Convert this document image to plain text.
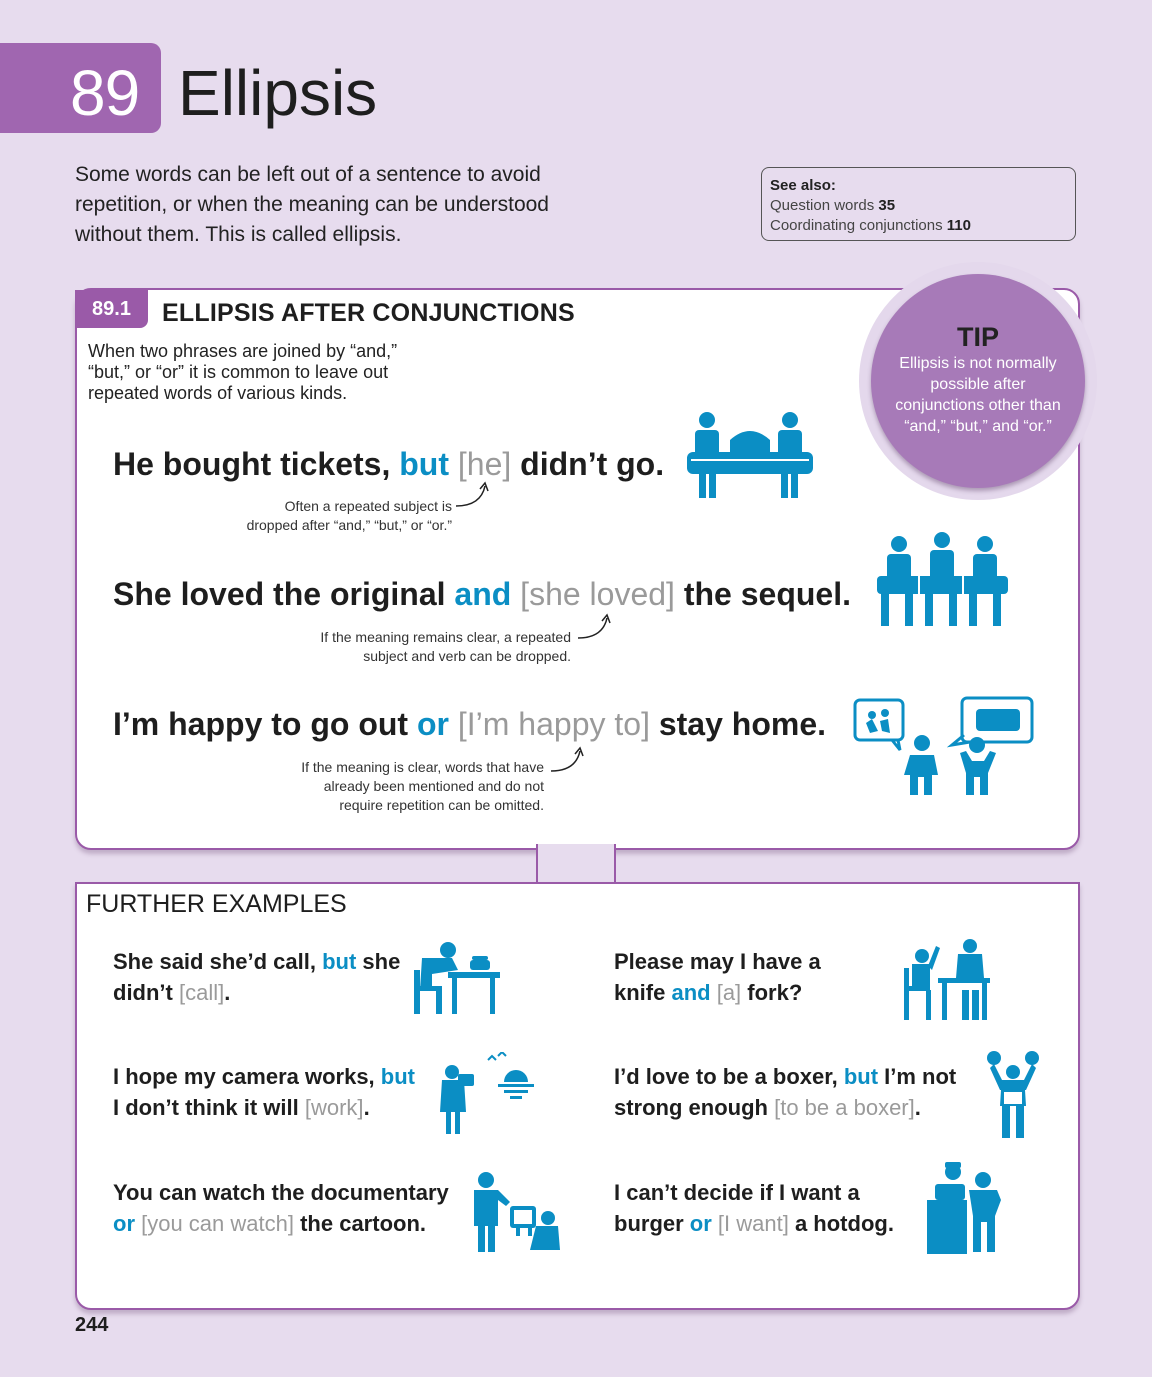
89 Ellipsis
Some words can be left out of a sentence to avoid repetition, or when the meaning can be understood without them. This is called ellipsis.
See also:
Question words 35
Coordinating conjunctions 110
89.1	ELLIPSIS AFTER CONJUNCTIONS
When two phrases are joined by “and,” “but,” or “or” it is common to leave out repeated words of various kinds.
TIP
Ellipsis is not normally possible after conjunctions other than “and,” “but,” and “or.”
He bought tickets, but [he] didn’t go.
Often a repeated subject is
dropped after “and,” “but,” or “or.”
She loved the original and [she loved] the sequel.
If the meaning remains clear, a repeated
subject and verb can be dropped.
I’m happy to go out or [I’m happy to] stay home.
If the meaning is clear, words that have
already been mentioned and do not
require repetition can be omitted.
FURTHER EXAMPLES
She said she’d call, but she
didn’t [call].
Please may I have a
knife and [a] fork?
I hope my camera works, but
I don’t think it will [work].
I’d love to be a boxer, but I’m not
strong enough [to be a boxer].
You can watch the documentary
or [you can watch] the cartoon.
I can’t decide if I want a
burger or [I want] a hotdog.
244
